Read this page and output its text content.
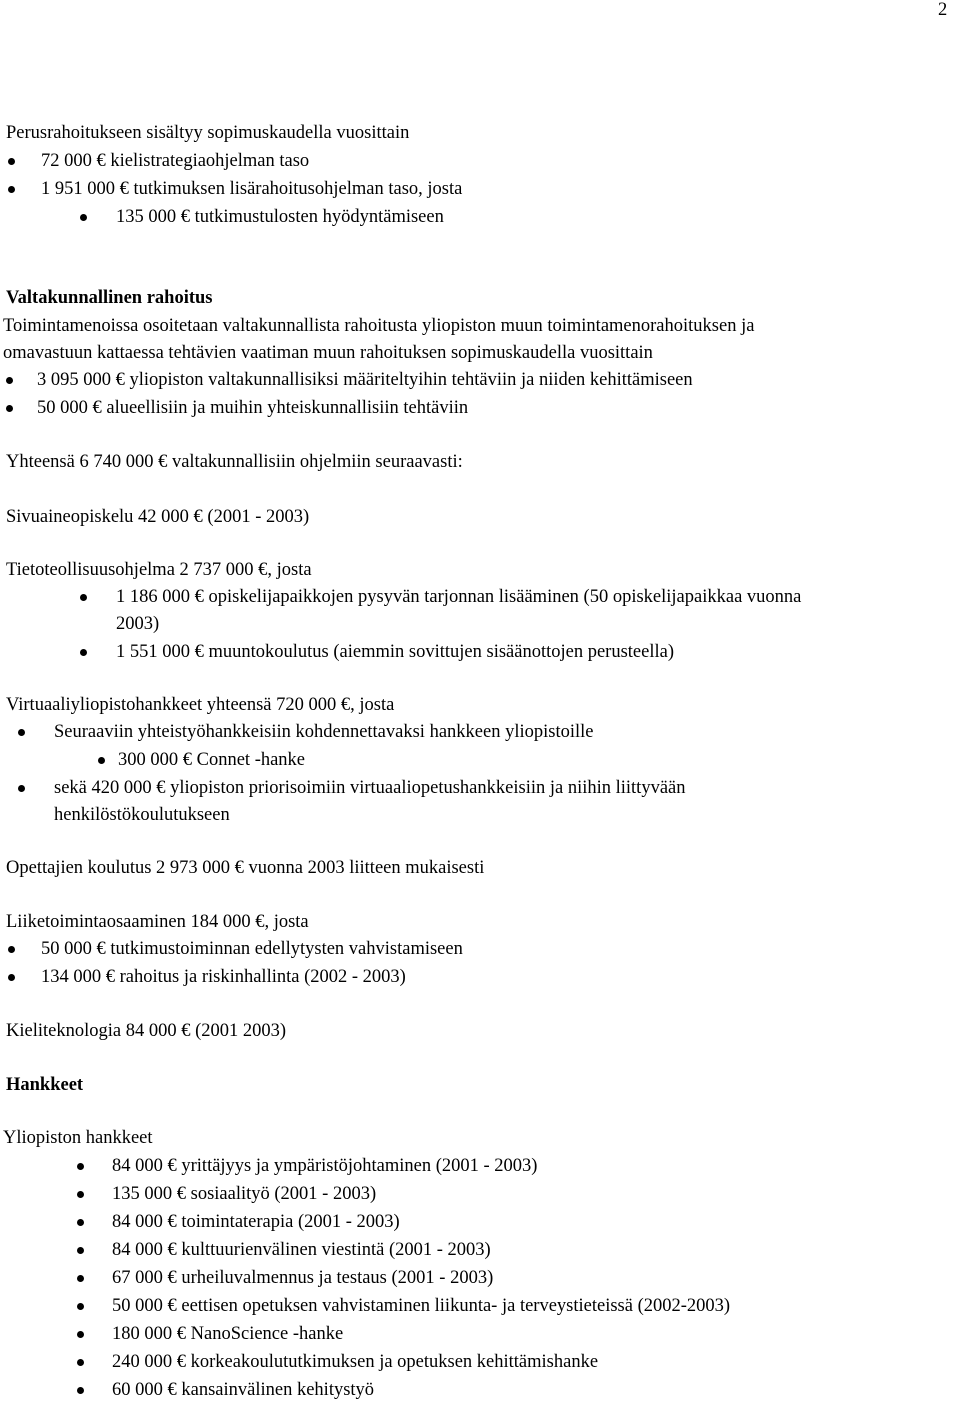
2
Perusrahoitukseen sisältyy sopimuskaudella vuosittain
72 000 € kielistrategiaohjelman taso
1 951 000 € tutkimuksen lisärahoitusohjelman taso, josta
135 000 € tutkimustulosten hyödyntämiseen
Valtakunnallinen rahoitus
Toimintamenoissa osoitetaan valtakunnallista rahoitusta yliopiston muun toimintamenorahoituksen ja
omavastuun kattaessa tehtävien vaatiman muun rahoituksen sopimuskaudella vuosittain
3 095 000 € yliopiston valtakunnallisiksi määriteltyihin tehtäviin ja niiden kehittämiseen
50 000 € alueellisiin ja muihin yhteiskunnallisiin tehtäviin
Yhteensä 6 740 000 € valtakunnallisiin ohjelmiin seuraavasti:
Sivuaineopiskelu 42 000 € (2001 - 2003)
Tietoteollisuusohjelma 2 737 000 €, josta
1 186 000 € opiskelijapaikkojen pysyvän tarjonnan lisääminen (50 opiskelijapaikkaa vuonna
2003)
1 551 000 € muuntokoulutus (aiemmin sovittujen sisäänottojen perusteella)
Virtuaaliyliopistohankkeet yhteensä 720 000 €, josta
Seuraaviin yhteistyöhankkeisiin kohdennettavaksi hankkeen yliopistoille
300 000 € Connet -hanke
sekä 420 000 € yliopiston priorisoimiin virtuaaliopetushankkeisiin ja niihin liittyvään
henkilöstökoulutukseen
Opettajien koulutus 2 973 000 € vuonna 2003 liitteen mukaisesti
Liiketoimintaosaaminen 184 000 €, josta
50 000 € tutkimustoiminnan edellytysten vahvistamiseen
134 000 € rahoitus ja riskinhallinta (2002 - 2003)
Kieliteknologia 84 000 € (2001 2003)
Hankkeet
Yliopiston hankkeet
84 000 € yrittäjyys ja ympäristöjohtaminen (2001 - 2003)
135 000 € sosiaalityö (2001 - 2003)
84 000 € toimintaterapia (2001 - 2003)
84 000 € kulttuurienvälinen viestintä (2001 - 2003)
67 000 € urheiluvalmennus ja testaus (2001 - 2003)
50 000 € eettisen opetuksen vahvistaminen liikunta- ja terveystieteissä (2002-2003)
180 000 € NanoScience -hanke
240 000 € korkeakoulututkimuksen ja opetuksen kehittämishanke
60 000 € kansainvälinen kehitystyö
